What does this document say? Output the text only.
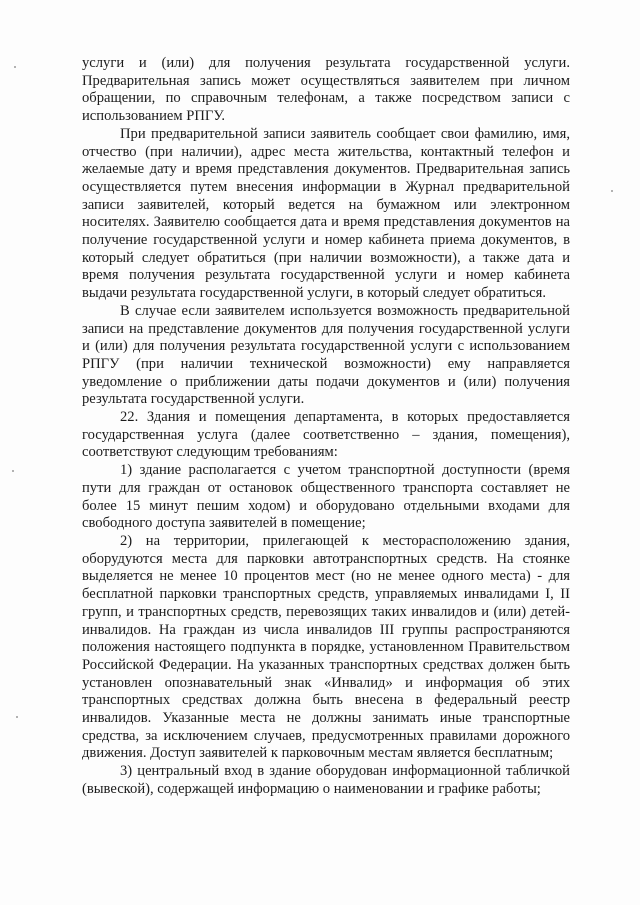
услуги и (или) для получения результата государственной услуги. Предварительная запись может осуществляться заявителем при личном обращении, по справочным телефонам, а также посредством записи с использованием РПГУ.

При предварительной записи заявитель сообщает свои фамилию, имя, отчество (при наличии), адрес места жительства, контактный телефон и желаемые дату и время представления документов. Предварительная запись осуществляется путем внесения информации в Журнал предварительной записи заявителей, который ведется на бумажном или электронном носителях. Заявителю сообщается дата и время представления документов на получение государственной услуги и номер кабинета приема документов, в который следует обратиться (при наличии возможности), а также дата и время получения результата государственной услуги и номер кабинета выдачи результата государственной услуги, в который следует обратиться.

В случае если заявителем используется возможность предварительной записи на представление документов для получения государственной услуги и (или) для получения результата государственной услуги с использованием РПГУ (при наличии технической возможности) ему направляется уведомление о приближении даты подачи документов и (или) получения результата государственной услуги.

22. Здания и помещения департамента, в которых предоставляется государственная услуга (далее соответственно – здания, помещения), соответствуют следующим требованиям:

1) здание располагается с учетом транспортной доступности (время пути для граждан от остановок общественного транспорта составляет не более 15 минут пешим ходом) и оборудовано отдельными входами для свободного доступа заявителей в помещение;

2) на территории, прилегающей к месторасположению здания, оборудуются места для парковки автотранспортных средств. На стоянке выделяется не менее 10 процентов мест (но не менее одного места) - для бесплатной парковки транспортных средств, управляемых инвалидами I, II групп, и транспортных средств, перевозящих таких инвалидов и (или) детей-инвалидов. На граждан из числа инвалидов III группы распространяются положения настоящего подпункта в порядке, установленном Правительством Российской Федерации. На указанных транспортных средствах должен быть установлен опознавательный знак «Инвалид» и информация об этих транспортных средствах должна быть внесена в федеральный реестр инвалидов. Указанные места не должны занимать иные транспортные средства, за исключением случаев, предусмотренных правилами дорожного движения. Доступ заявителей к парковочным местам является бесплатным;

3) центральный вход в здание оборудован информационной табличкой (вывеской), содержащей информацию о наименовании и графике работы;
